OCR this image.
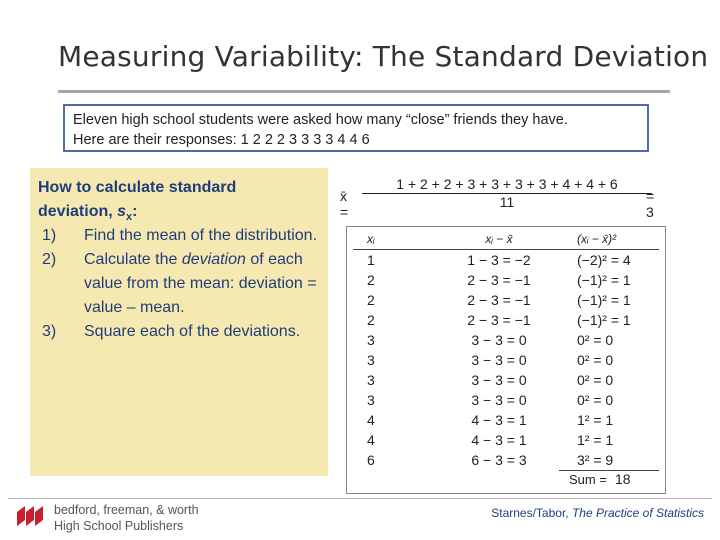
Measuring Variability: The Standard Deviation
Eleven high school students were asked how many “close” friends they have.
Here are their responses: 1 2 2 2 3 3 3 3 4 4 6
How to calculate standard
deviation, $s_x$:
1) Find the mean of the distribution.
2) Calculate the deviation of each value from the mean: deviation = value – mean.
3) Square each of the deviations.
x̄ =
$\frac{1 + 2 + 2 + 3 + 3 + 3 + 3 + 4 + 4 + 6}{11}$
= 3
xᵢ	xᵢ − x̄	(xᵢ − x̄)²
1	1 − 3 = −2	(−2)² = 4
2	2 − 3 = −1	(−1)² = 1
2	2 − 3 = −1	(−1)² = 1
2	2 − 3 = −1	(−1)² = 1
3	3 − 3 = 0	0² = 0
3	3 − 3 = 0	0² = 0
3	3 − 3 = 0	0² = 0
3	3 − 3 = 0	0² = 0
4	4 − 3 = 1	1² = 1
4	4 − 3 = 1	1² = 1
6	6 − 3 = 3	3² = 9
Sum = 18
bedford, freeman, & worth
High School Publishers
Starnes/Tabor, The Practice of Statistics
